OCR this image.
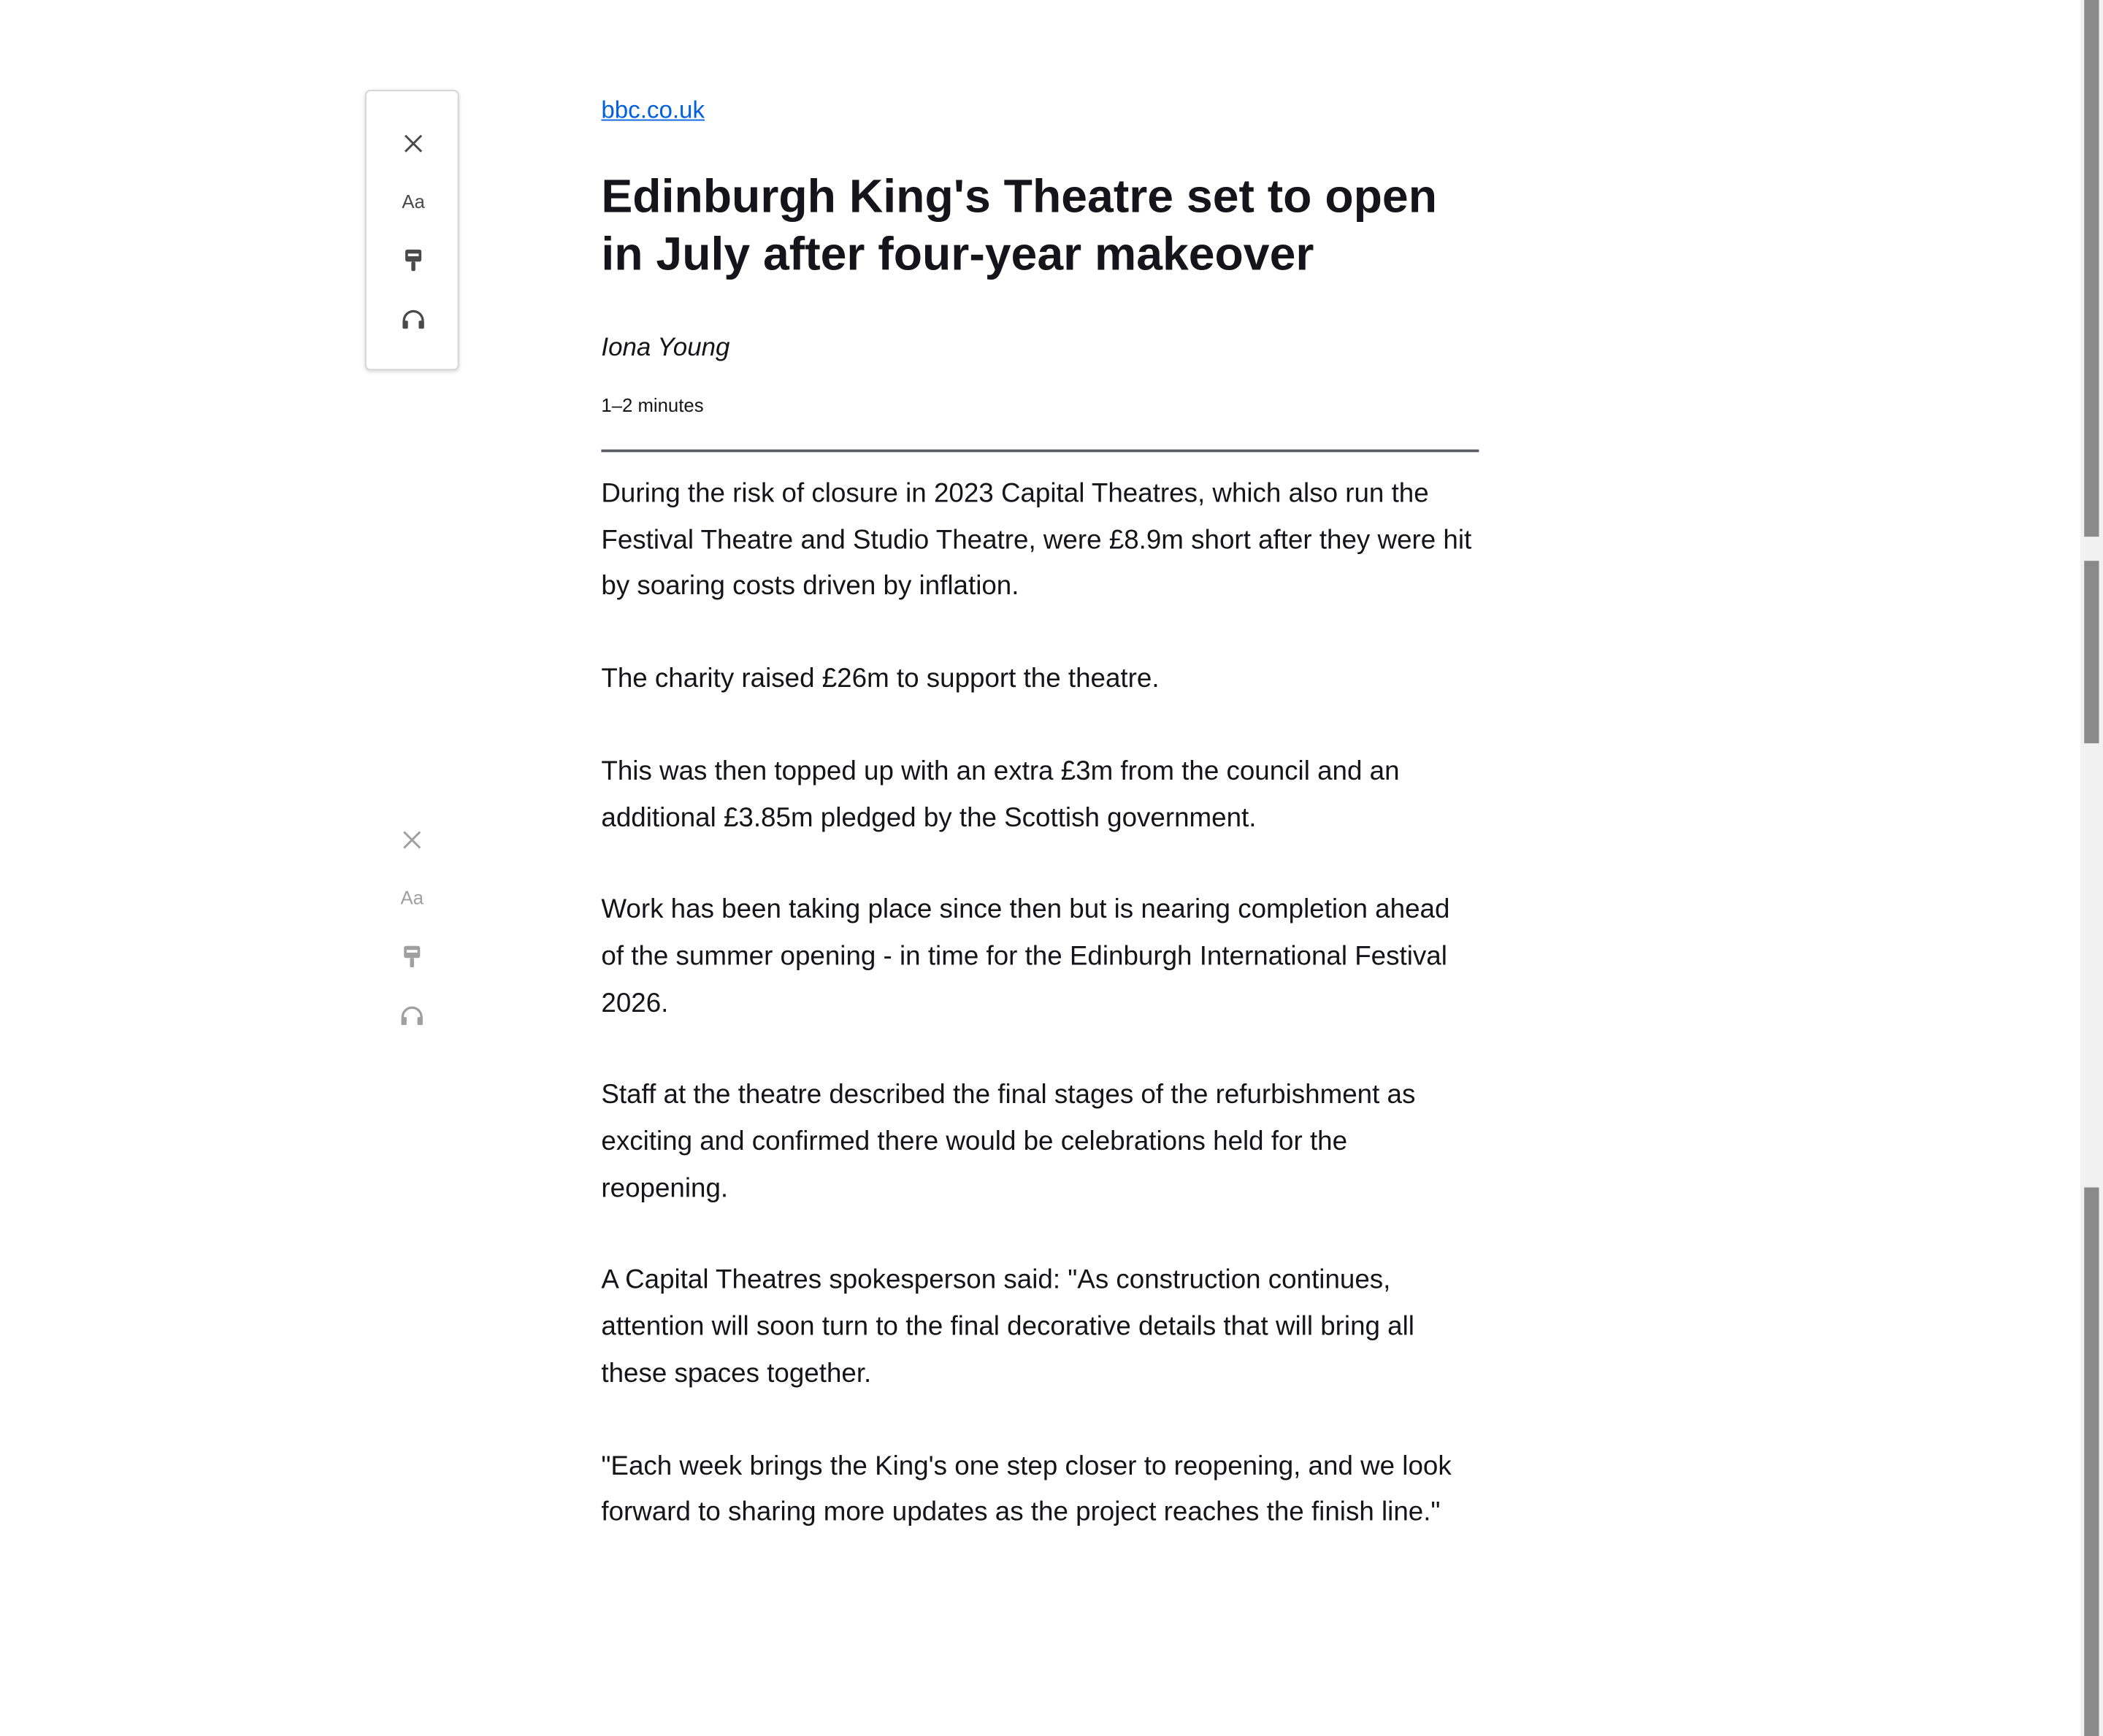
Aa
Aa
bbc.co.uk
Edinburgh King's Theatre set to open in July after four-year makeover
Iona Young
1–2 minutes

During the risk of closure in 2023 Capital Theatres, which also run the Festival Theatre and Studio Theatre, were £8.9m short after they were hit by soaring costs driven by inflation.

The charity raised £26m to support the theatre.

This was then topped up with an extra £3m from the council and an additional £3.85m pledged by the Scottish government.

Work has been taking place since then but is nearing completion ahead of the summer opening - in time for the Edinburgh International Festival 2026.

Staff at the theatre described the final stages of the refurbishment as exciting and confirmed there would be celebrations held for the reopening.

A Capital Theatres spokesperson said: "As construction continues, attention will soon turn to the final decorative details that will bring all these spaces together.

"Each week brings the King's one step closer to reopening, and we look forward to sharing more updates as the project reaches the finish line."
